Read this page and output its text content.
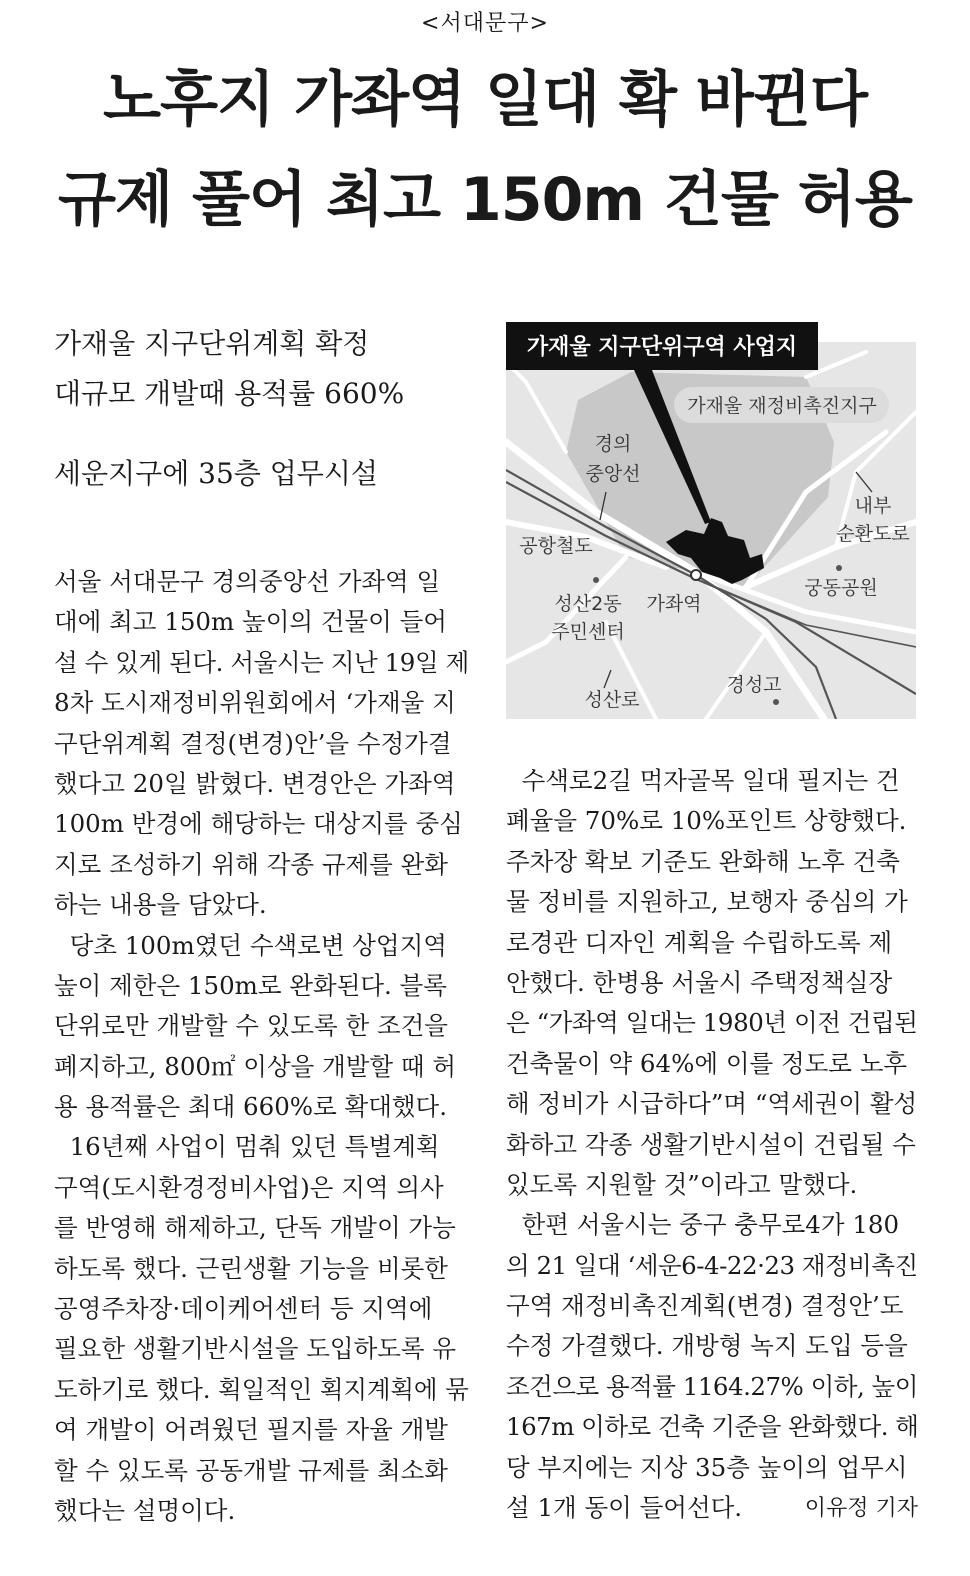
<서대문구>
노후지 가좌역 일대 확 바뀐다
규제 풀어 최고 150m 건물 허용
가재울 지구단위계획 확정
대규모 개발때 용적률 660%
세운지구에 35층 업무시설
가재울 재정비촉진지구
경의
중앙선
내부
순환도로
공항철도
궁동공원
성산2동
주민센터
가좌역
경성고
성산로
가재울 지구단위구역 사업지
서울 서대문구 경의중앙선 가좌역 일
대에 최고 150m 높이의 건물이 들어
설 수 있게 된다. 서울시는 지난 19일 제
8차 도시재정비위원회에서 ‘가재울 지
구단위계획 결정(변경)안’을 수정가결
했다고 20일 밝혔다. 변경안은 가좌역
100m 반경에 해당하는 대상지를 중심
지로 조성하기 위해 각종 규제를 완화
하는 내용을 담았다.
당초 100m였던 수색로변 상업지역
높이 제한은 150m로 완화된다. 블록
단위로만 개발할 수 있도록 한 조건을
폐지하고, 800㎡ 이상을 개발할 때 허
용 용적률은 최대 660%로 확대했다.
16년째 사업이 멈춰 있던 특별계획
구역(도시환경정비사업)은 지역 의사
를 반영해 해제하고, 단독 개발이 가능
하도록 했다. 근린생활 기능을 비롯한
공영주차장·데이케어센터 등 지역에
필요한 생활기반시설을 도입하도록 유
도하기로 했다. 획일적인 획지계획에 묶
여 개발이 어려웠던 필지를 자율 개발
할 수 있도록 공동개발 규제를 최소화
했다는 설명이다.
수색로2길 먹자골목 일대 필지는 건
폐율을 70%로 10%포인트 상향했다.
주차장 확보 기준도 완화해 노후 건축
물 정비를 지원하고, 보행자 중심의 가
로경관 디자인 계획을 수립하도록 제
안했다. 한병용 서울시 주택정책실장
은 “가좌역 일대는 1980년 이전 건립된
건축물이 약 64%에 이를 정도로 노후
해 정비가 시급하다”며 “역세권이 활성
화하고 각종 생활기반시설이 건립될 수
있도록 지원할 것”이라고 말했다.
한편 서울시는 중구 충무로4가 180
의 21 일대 ‘세운6-4-22·23 재정비촉진
구역 재정비촉진계획(변경) 결정안’도
수정 가결했다. 개방형 녹지 도입 등을
조건으로 용적률 1164.27% 이하, 높이
167m 이하로 건축 기준을 완화했다. 해
당 부지에는 지상 35층 높이의 업무시
설 1개 동이 들어선다.	이유정 기자
